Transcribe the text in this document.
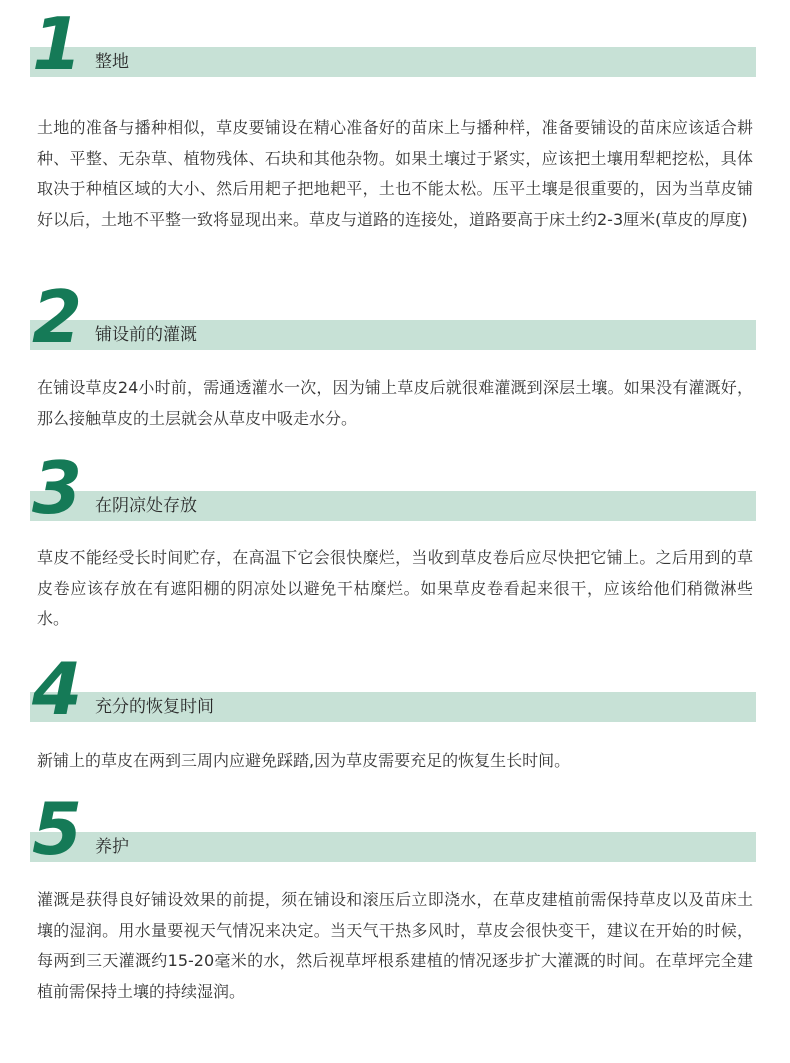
1 整地

土地的准备与播种相似，草皮要铺设在精心准备好的苗床上与播种样，准备要铺设的苗床应该适合耕种、平整、无杂草、植物残体、石块和其他杂物。如果土壤过于紧实，应该把土壤用犁耙挖松，具体取决于种植区域的大小、然后用耙子把地耙平，土也不能太松。压平土壤是很重要的，因为当草皮铺好以后，土地不平整一致将显现出来。草皮与道路的连接处，道路要高于床土约2-3厘米(草皮的厚度)

2 铺设前的灌溉

在铺设草皮24小时前，需通透灌水一次，因为铺上草皮后就很难灌溉到深层土壤。如果没有灌溉好，那么接触草皮的土层就会从草皮中吸走水分。

3 在阴凉处存放

草皮不能经受长时间贮存，在高温下它会很快糜烂，当收到草皮卷后应尽快把它铺上。之后用到的草皮卷应该存放在有遮阳棚的阴凉处以避免干枯糜烂。如果草皮卷看起来很干，应该给他们稍微淋些水。

4 充分的恢复时间

新铺上的草皮在两到三周内应避免踩踏,因为草皮需要充足的恢复生长时间。

5 养护

灌溉是获得良好铺设效果的前提，须在铺设和滚压后立即浇水，在草皮建植前需保持草皮以及苗床土壤的湿润。用水量要视天气情况来决定。当天气干热多风时，草皮会很快变干，建议在开始的时候，每两到三天灌溉约15-20毫米的水，然后视草坪根系建植的情况逐步扩大灌溉的时间。在草坪完全建植前需保持土壤的持续湿润。
